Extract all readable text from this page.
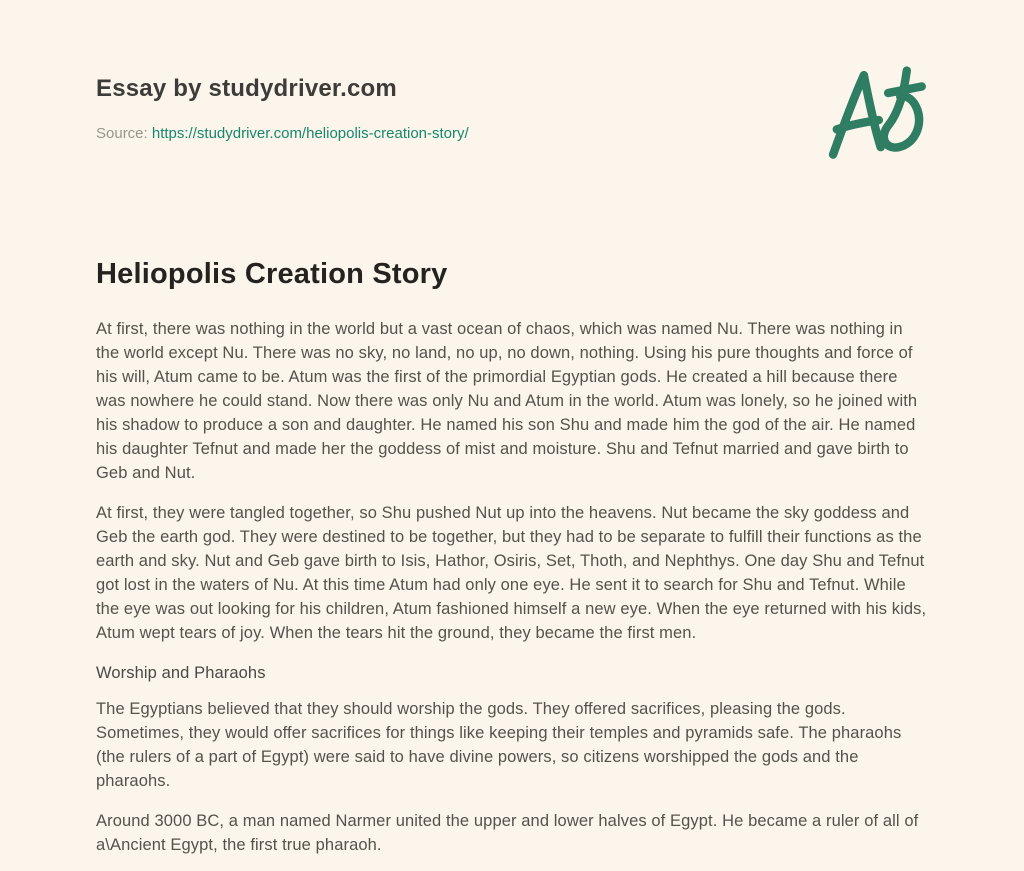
Essay by studydriver.com
Source: https://studydriver.com/heliopolis-creation-story/
Heliopolis Creation Story

At first, there was nothing in the world but a vast ocean of chaos, which was named Nu. There was nothing in the world except Nu. There was no sky, no land, no up, no down, nothing. Using his pure thoughts and force of his will, Atum came to be. Atum was the first of the primordial Egyptian gods. He created a hill because there was nowhere he could stand. Now there was only Nu and Atum in the world. Atum was lonely, so he joined with his shadow to produce a son and daughter. He named his son Shu and made him the god of the air. He named his daughter Tefnut and made her the goddess of mist and moisture. Shu and Tefnut married and gave birth to Geb and Nut.

At first, they were tangled together, so Shu pushed Nut up into the heavens. Nut became the sky goddess and Geb the earth god. They were destined to be together, but they had to be separate to fulfill their functions as the earth and sky. Nut and Geb gave birth to Isis, Hathor, Osiris, Set, Thoth, and Nephthys. One day Shu and Tefnut got lost in the waters of Nu. At this time Atum had only one eye. He sent it to search for Shu and Tefnut. While the eye was out looking for his children, Atum fashioned himself a new eye. When the eye returned with his kids, Atum wept tears of joy. When the tears hit the ground, they became the first men.

Worship and Pharaohs

The Egyptians believed that they should worship the gods. They offered sacrifices, pleasing the gods. Sometimes, they would offer sacrifices for things like keeping their temples and pyramids safe. The pharaohs (the rulers of a part of Egypt) were said to have divine powers, so citizens worshipped the gods and the pharaohs.

Around 3000 BC, a man named Narmer united the upper and lower halves of Egypt. He became a ruler of all of a\Ancient Egypt, the first true pharaoh.
